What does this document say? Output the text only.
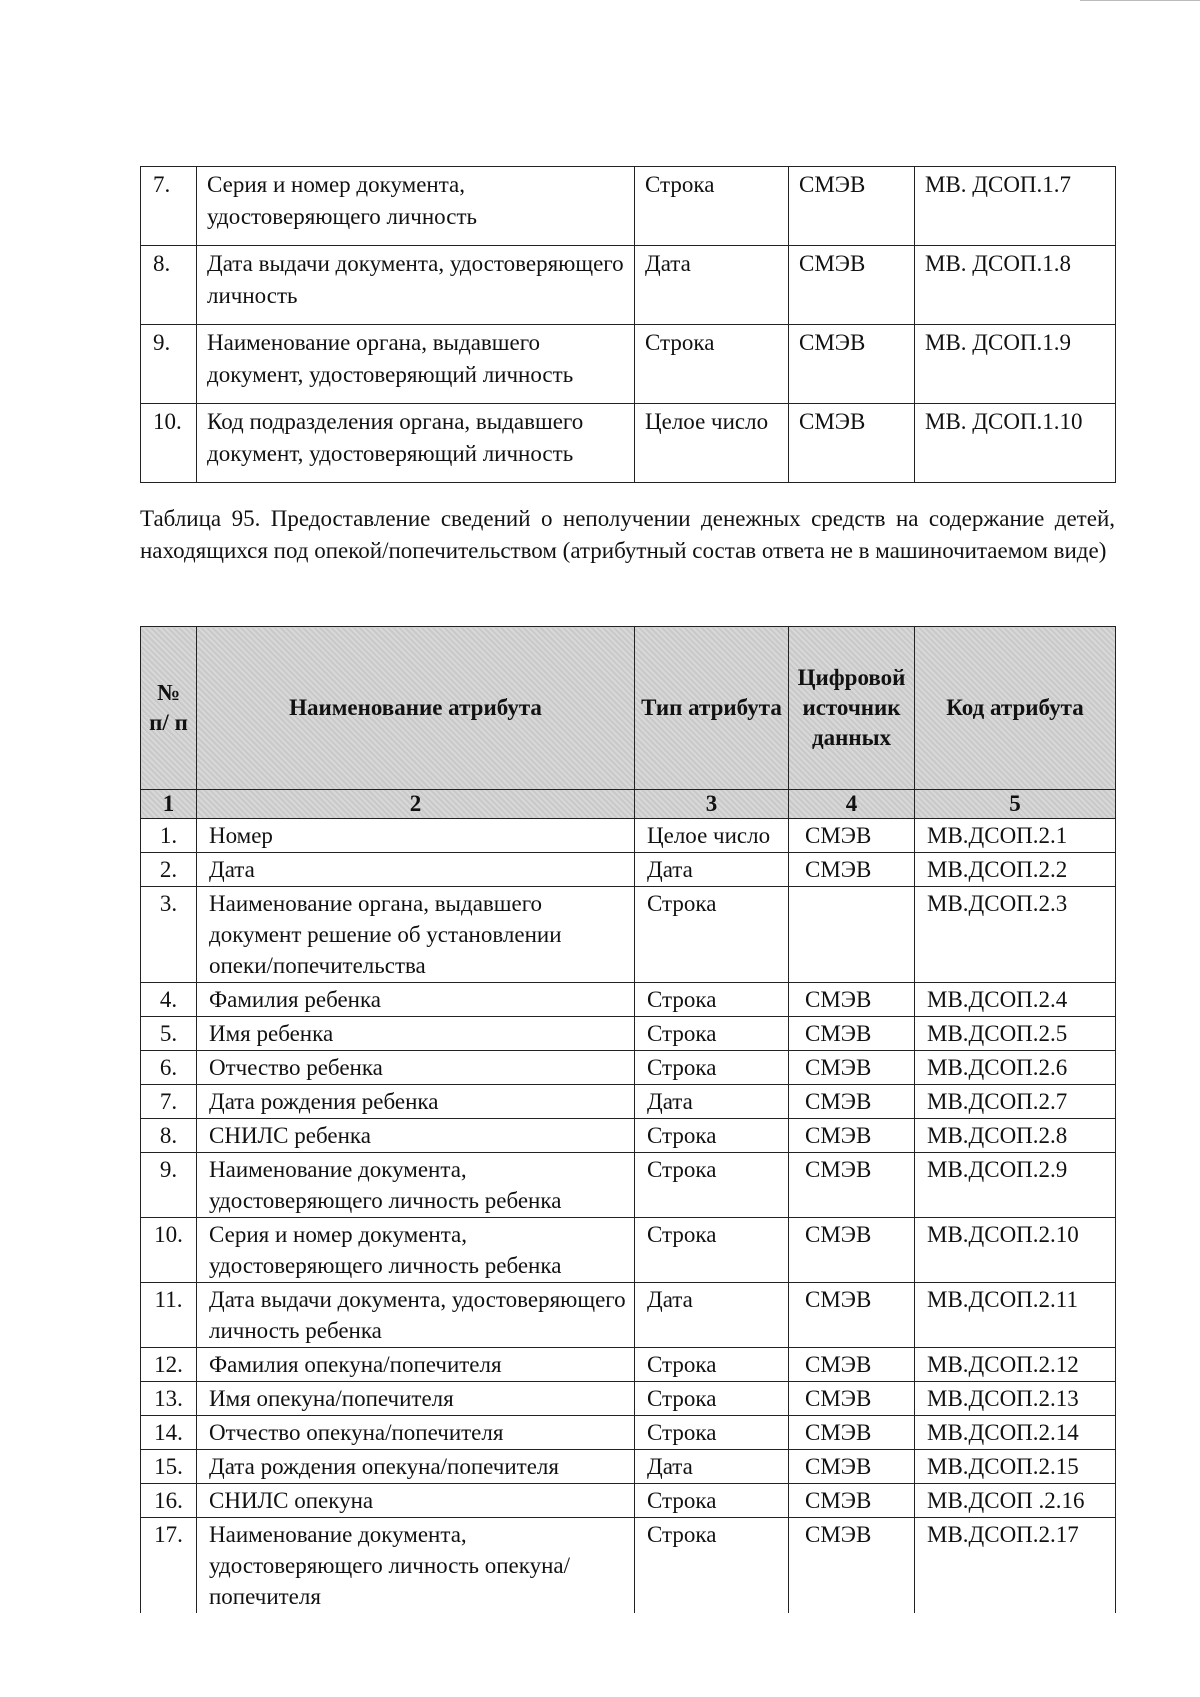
7.	Серия и номер документа, удостоверяющего личность	Строка	СМЭВ	МВ. ДСОП.1.7
8.	Дата выдачи документа, удостоверяющего личность	Дата	СМЭВ	МВ. ДСОП.1.8
9.	Наименование органа, выдавшего документ, удостоверяющий личность	Строка	СМЭВ	МВ. ДСОП.1.9
10.	Код подразделения органа, выдавшего документ, удостоверяющий личность	Целое число	СМЭВ	МВ. ДСОП.1.10
Таблица 95. Предоставление сведений о неполучении денежных средств на содержание детей, находящихся под опекой/попечительством (атрибутный состав ответа не в машиночитаемом виде)
№ п/ п	Наименование атрибута	Тип атрибута	Цифровой источник данных	Код атрибута
1	2	3	4	5
1.	Номер	Целое число	СМЭВ	МВ.ДСОП.2.1
2.	Дата	Дата	СМЭВ	МВ.ДСОП.2.2
3.	Наименование органа, выдавшего документ решение об установлении опеки/попечительства	Строка		МВ.ДСОП.2.3
4.	Фамилия ребенка	Строка	СМЭВ	МВ.ДСОП.2.4
5.	Имя ребенка	Строка	СМЭВ	МВ.ДСОП.2.5
6.	Отчество ребенка	Строка	СМЭВ	МВ.ДСОП.2.6
7.	Дата рождения ребенка	Дата	СМЭВ	МВ.ДСОП.2.7
8.	СНИЛС ребенка	Строка	СМЭВ	МВ.ДСОП.2.8
9.	Наименование документа, удостоверяющего личность ребенка	Строка	СМЭВ	МВ.ДСОП.2.9
10.	Серия и номер документа, удостоверяющего личность ребенка	Строка	СМЭВ	МВ.ДСОП.2.10
11.	Дата выдачи документа, удостоверяющего личность ребенка	Дата	СМЭВ	МВ.ДСОП.2.11
12.	Фамилия опекуна/попечителя	Строка	СМЭВ	МВ.ДСОП.2.12
13.	Имя опекуна/попечителя	Строка	СМЭВ	МВ.ДСОП.2.13
14.	Отчество опекуна/попечителя	Строка	СМЭВ	МВ.ДСОП.2.14
15.	Дата рождения опекуна/попечителя	Дата	СМЭВ	МВ.ДСОП.2.15
16.	СНИЛС опекуна	Строка	СМЭВ	МВ.ДСОП .2.16
17.	Наименование документа, удостоверяющего личность опекуна/попечителя	Строка	СМЭВ	МВ.ДСОП.2.17
